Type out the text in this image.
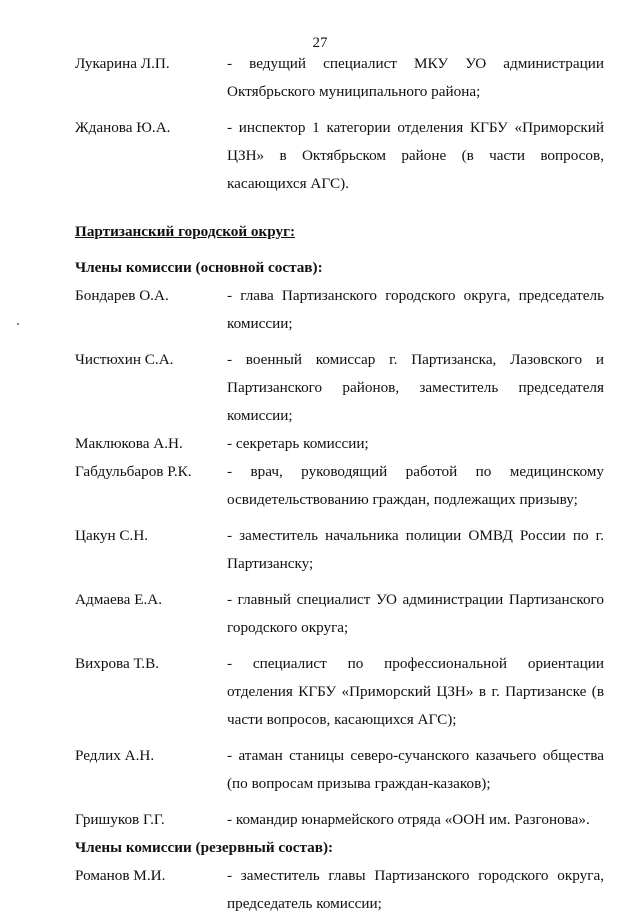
27
Лукарина Л.П.	- ведущий специалист МКУ УО администрации Октябрьского муниципального района;
Жданова Ю.А.	- инспектор 1 категории отделения КГБУ «Приморский ЦЗН» в Октябрьском районе (в части вопросов, касающихся АГС).
Партизанский городской округ:
Члены комиссии (основной состав):
Бондарев О.А.	- глава Партизанского городского округа, председатель комиссии;
Чистюхин С.А.	- военный комиссар г. Партизанска, Лазовского и Партизанского районов, заместитель председателя комиссии;
Маклюкова А.Н.	- секретарь комиссии;
Габдульбаров Р.К.	- врач, руководящий работой по медицинскому освидетельствованию граждан, подлежащих призыву;
Цакун С.Н.	- заместитель начальника полиции ОМВД России по г. Партизанску;
Адмаева Е.А.	- главный специалист УО администрации Партизанского городского округа;
Вихрова Т.В.	- специалист по профессиональной ориентации отделения КГБУ «Приморский ЦЗН» в г. Партизанске (в части вопросов, касающихся АГС);
Редлих А.Н.	- атаман станицы северо-сучанского казачьего общества (по вопросам призыва граждан-казаков);
Гришуков Г.Г.	- командир юнармейского отряда «ООН им. Разгонова».
Члены комиссии (резервный состав):
Романов М.И.	- заместитель главы Партизанского городского округа, председатель комиссии;
